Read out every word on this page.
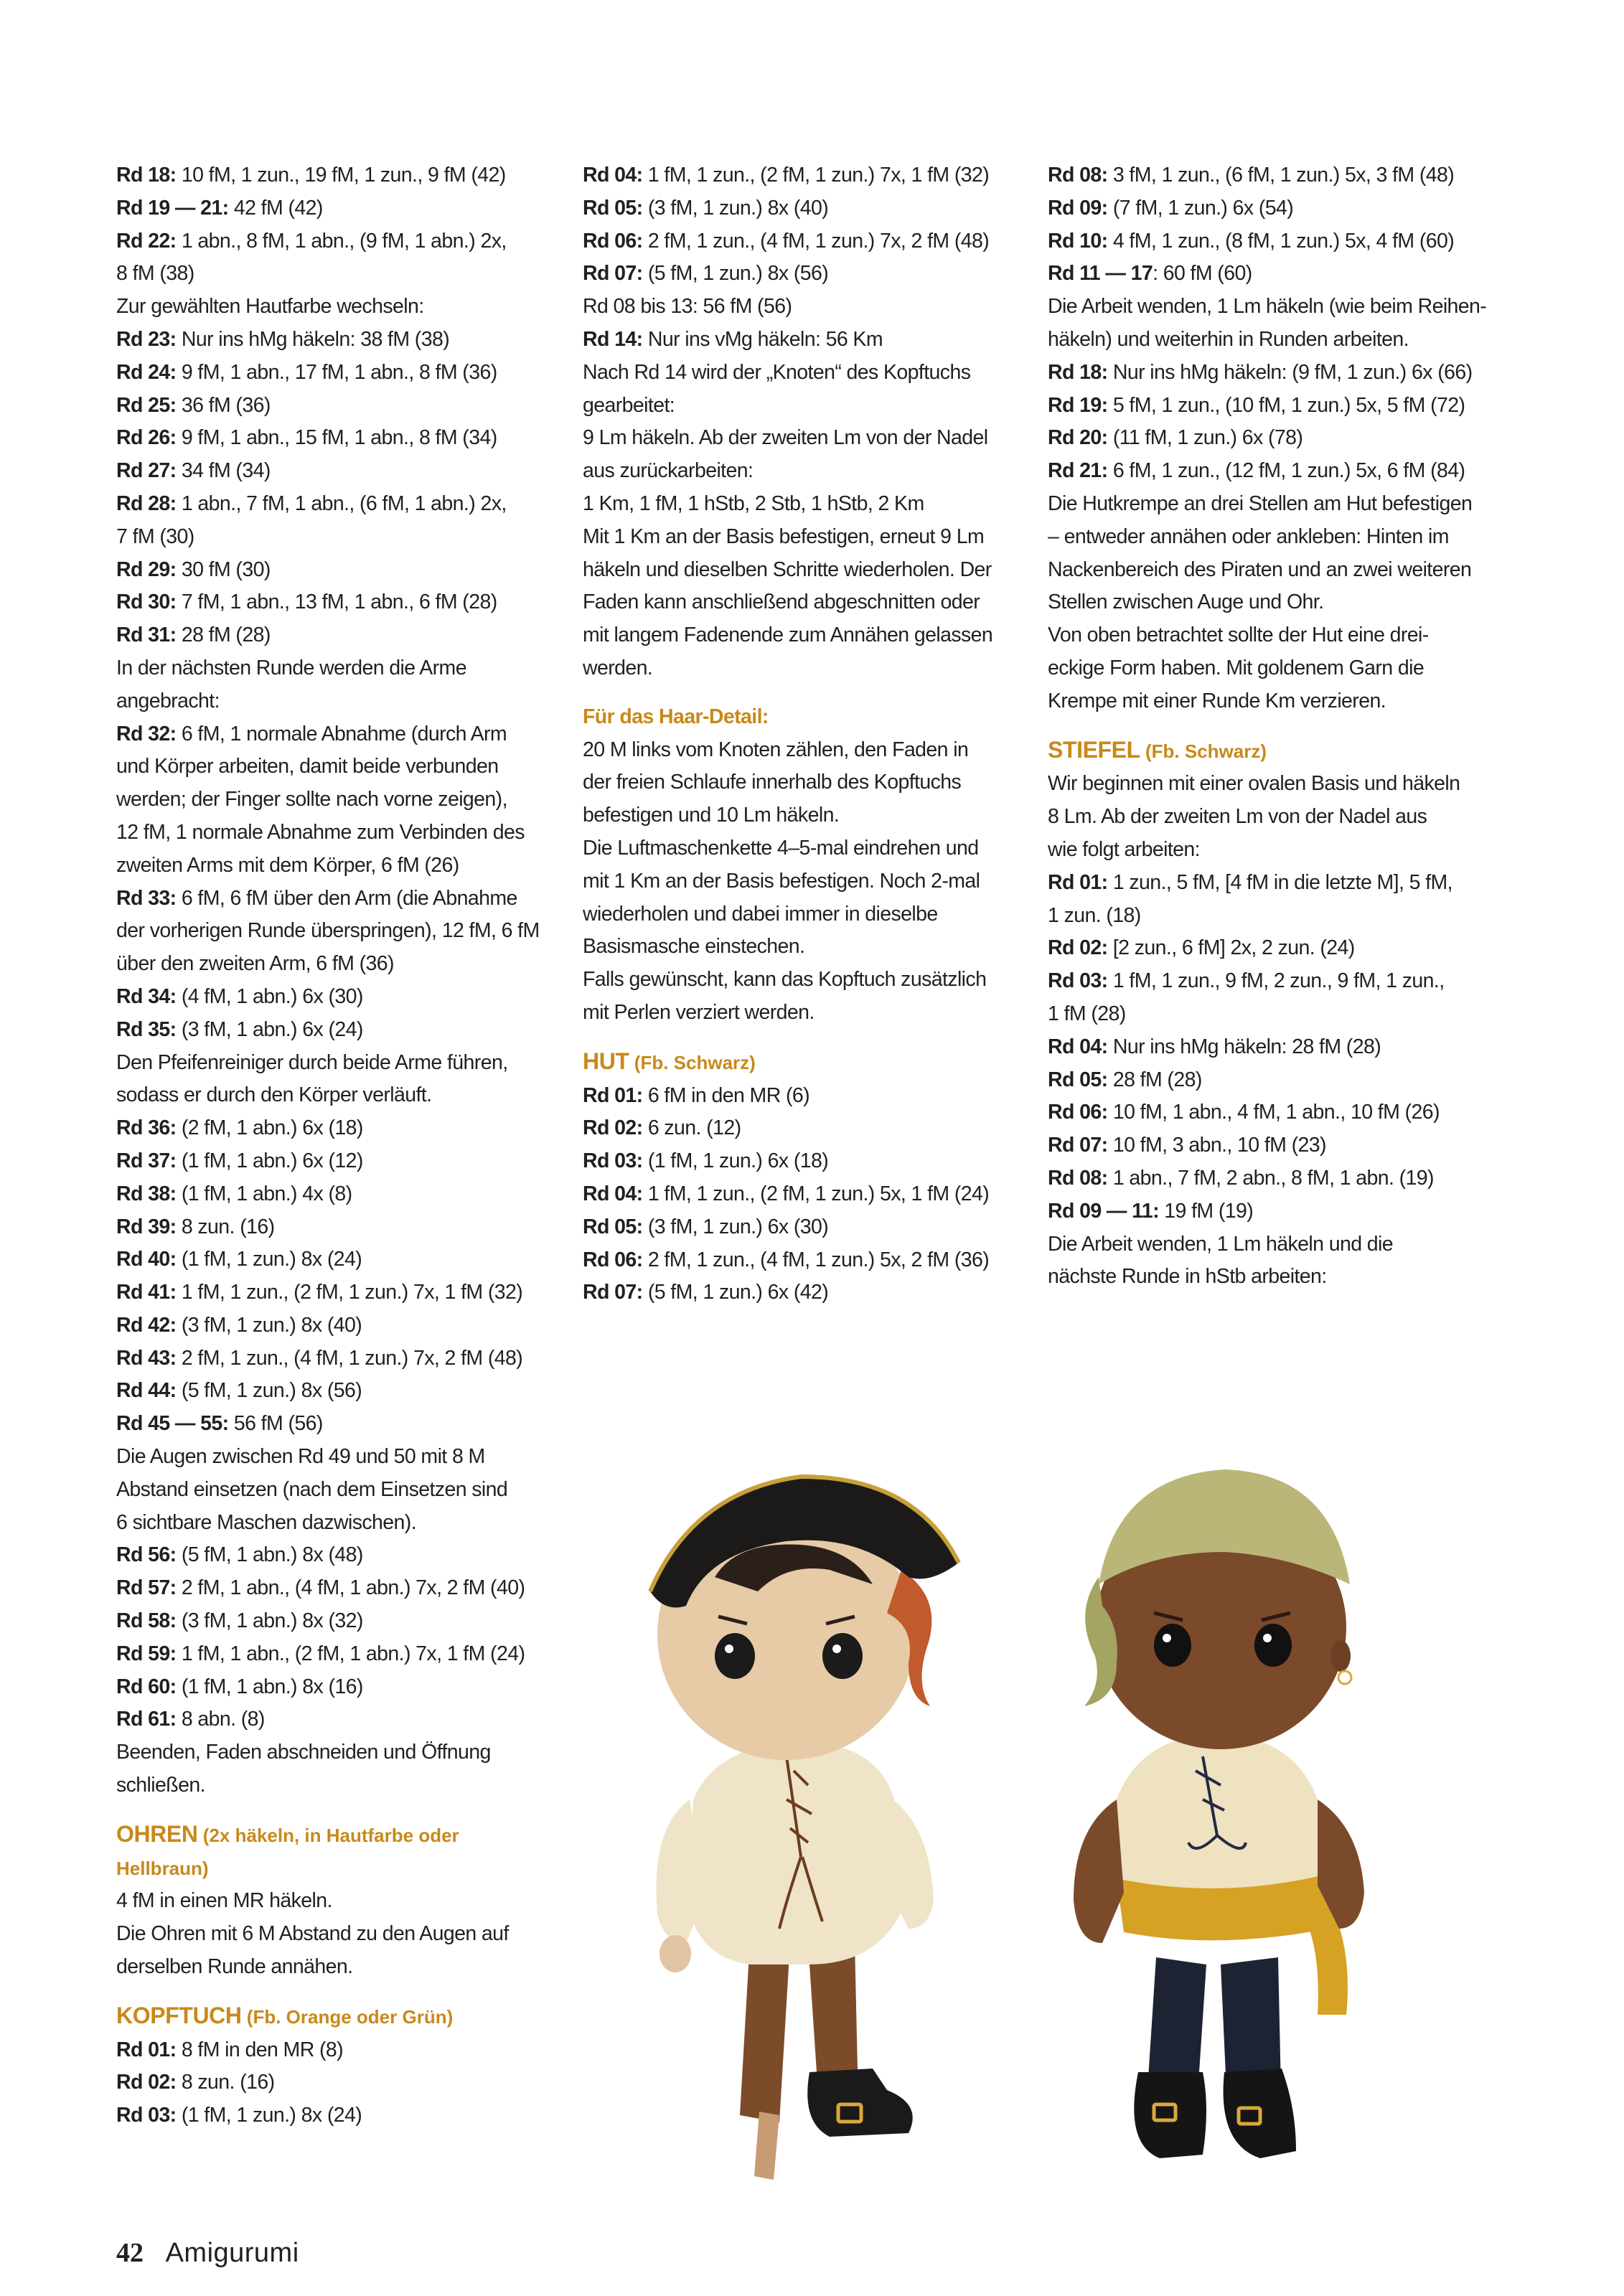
Rd 18: 10 fM, 1 zun., 19 fM, 1 zun., 9 fM (42)

Rd 19 — 21: 42 fM (42)

Rd 22: 1 abn., 8 fM, 1 abn., (9 fM, 1 abn.) 2x,

8 fM (38)

Zur gewählten Hautfarbe wechseln:

Rd 23: Nur ins hMg häkeln: 38 fM (38)

Rd 24: 9 fM, 1 abn., 17 fM, 1 abn., 8 fM (36)

Rd 25: 36 fM (36)

Rd 26: 9 fM, 1 abn., 15 fM, 1 abn., 8 fM (34)

Rd 27: 34 fM (34)

Rd 28: 1 abn., 7 fM, 1 abn., (6 fM, 1 abn.) 2x,

7 fM (30)

Rd 29: 30 fM (30)

Rd 30: 7 fM, 1 abn., 13 fM, 1 abn., 6 fM (28)

Rd 31: 28 fM (28)

In der nächsten Runde werden die Arme

angebracht:

Rd 32: 6 fM, 1 normale Abnahme (durch Arm

und Körper arbeiten, damit beide verbunden

werden; der Finger sollte nach vorne zeigen),

12 fM, 1 normale Abnahme zum Verbinden des

zweiten Arms mit dem Körper, 6 fM (26)

Rd 33: 6 fM, 6 fM über den Arm (die Abnahme

der vorherigen Runde überspringen), 12 fM, 6 fM

über den zweiten Arm, 6 fM (36)

Rd 34: (4 fM, 1 abn.) 6x (30)

Rd 35: (3 fM, 1 abn.) 6x (24)

Den Pfeifenreiniger durch beide Arme führen,

sodass er durch den Körper verläuft.

Rd 36: (2 fM, 1 abn.) 6x (18)

Rd 37: (1 fM, 1 abn.) 6x (12)

Rd 38: (1 fM, 1 abn.) 4x (8)

Rd 39: 8 zun. (16)

Rd 40: (1 fM, 1 zun.) 8x (24)

Rd 41: 1 fM, 1 zun., (2 fM, 1 zun.) 7x, 1 fM (32)

Rd 42: (3 fM, 1 zun.) 8x (40)

Rd 43: 2 fM, 1 zun., (4 fM, 1 zun.) 7x, 2 fM (48)

Rd 44: (5 fM, 1 zun.) 8x (56)

Rd 45 — 55: 56 fM (56)

Die Augen zwischen Rd 49 und 50 mit 8 M

Abstand einsetzen (nach dem Einsetzen sind

6 sichtbare Maschen dazwischen).

Rd 56: (5 fM, 1 abn.) 8x (48)

Rd 57: 2 fM, 1 abn., (4 fM, 1 abn.) 7x, 2 fM (40)

Rd 58: (3 fM, 1 abn.) 8x (32)

Rd 59: 1 fM, 1 abn., (2 fM, 1 abn.) 7x, 1 fM (24)

Rd 60: (1 fM, 1 abn.) 8x (16)

Rd 61: 8 abn. (8)

Beenden, Faden abschneiden und Öffnung

schließen.

OHREN (2x häkeln, in Hautfarbe oder

Hellbraun)

4 fM in einen MR häkeln.

Die Ohren mit 6 M Abstand zu den Augen auf

derselben Runde annähen.

KOPFTUCH (Fb. Orange oder Grün)

Rd 01: 8 fM in den MR (8)

Rd 02: 8 zun. (16)

Rd 03: (1 fM, 1 zun.) 8x (24)

Rd 04: 1 fM, 1 zun., (2 fM, 1 zun.) 7x, 1 fM (32)

Rd 05: (3 fM, 1 zun.) 8x (40)

Rd 06: 2 fM, 1 zun., (4 fM, 1 zun.) 7x, 2 fM (48)

Rd 07: (5 fM, 1 zun.) 8x (56)

Rd 08 bis 13: 56 fM (56)

Rd 14: Nur ins vMg häkeln: 56 Km

Nach Rd 14 wird der „Knoten“ des Kopftuchs

gearbeitet:

9 Lm häkeln. Ab der zweiten Lm von der Nadel

aus zurückarbeiten:

1 Km, 1 fM, 1 hStb, 2 Stb, 1 hStb, 2 Km

Mit 1 Km an der Basis befestigen, erneut 9 Lm

häkeln und dieselben Schritte wiederholen. Der

Faden kann anschließend abgeschnitten oder

mit langem Fadenende zum Annähen gelassen

werden.

Für das Haar-Detail:

20 M links vom Knoten zählen, den Faden in

der freien Schlaufe innerhalb des Kopftuchs

befestigen und 10 Lm häkeln.

Die Luftmaschenkette 4–5-mal eindrehen und

mit 1 Km an der Basis befestigen. Noch 2-mal

wiederholen und dabei immer in dieselbe

Basismasche einstechen.

Falls gewünscht, kann das Kopftuch zusätzlich

mit Perlen verziert werden.

HUT (Fb. Schwarz)

Rd 01: 6 fM in den MR (6)

Rd 02: 6 zun. (12)

Rd 03: (1 fM, 1 zun.) 6x (18)

Rd 04: 1 fM, 1 zun., (2 fM, 1 zun.) 5x, 1 fM (24)

Rd 05: (3 fM, 1 zun.) 6x (30)

Rd 06: 2 fM, 1 zun., (4 fM, 1 zun.) 5x, 2 fM (36)

Rd 07: (5 fM, 1 zun.) 6x (42)

Rd 08: 3 fM, 1 zun., (6 fM, 1 zun.) 5x, 3 fM (48)

Rd 09: (7 fM, 1 zun.) 6x (54)

Rd 10: 4 fM, 1 zun., (8 fM, 1 zun.) 5x, 4 fM (60)

Rd 11 — 17: 60 fM (60)

Die Arbeit wenden, 1 Lm häkeln (wie beim Reihen-

häkeln) und weiterhin in Runden arbeiten.

Rd 18: Nur ins hMg häkeln: (9 fM, 1 zun.) 6x (66)

Rd 19: 5 fM, 1 zun., (10 fM, 1 zun.) 5x, 5 fM (72)

Rd 20: (11 fM, 1 zun.) 6x (78)

Rd 21: 6 fM, 1 zun., (12 fM, 1 zun.) 5x, 6 fM (84)

Die Hutkrempe an drei Stellen am Hut befestigen

– entweder annähen oder ankleben: Hinten im

Nackenbereich des Piraten und an zwei weiteren

Stellen zwischen Auge und Ohr.

Von oben betrachtet sollte der Hut eine drei-

eckige Form haben. Mit goldenem Garn die

Krempe mit einer Runde Km verzieren.

STIEFEL (Fb. Schwarz)

Wir beginnen mit einer ovalen Basis und häkeln

8 Lm. Ab der zweiten Lm von der Nadel aus

wie folgt arbeiten:

Rd 01: 1 zun., 5 fM, [4 fM in die letzte M], 5 fM,

1 zun. (18)

Rd 02: [2 zun., 6 fM] 2x, 2 zun. (24)

Rd 03: 1 fM, 1 zun., 9 fM, 2 zun., 9 fM, 1 zun.,

1 fM (28)

Rd 04: Nur ins hMg häkeln: 28 fM (28)

Rd 05: 28 fM (28)

Rd 06: 10 fM, 1 abn., 4 fM, 1 abn., 10 fM (26)

Rd 07: 10 fM, 3 abn., 10 fM (23)

Rd 08: 1 abn., 7 fM, 2 abn., 8 fM, 1 abn. (19)

Rd 09 — 11: 19 fM (19)

Die Arbeit wenden, 1 Lm häkeln und die

nächste Runde in hStb arbeiten:

42 Amigurumi
